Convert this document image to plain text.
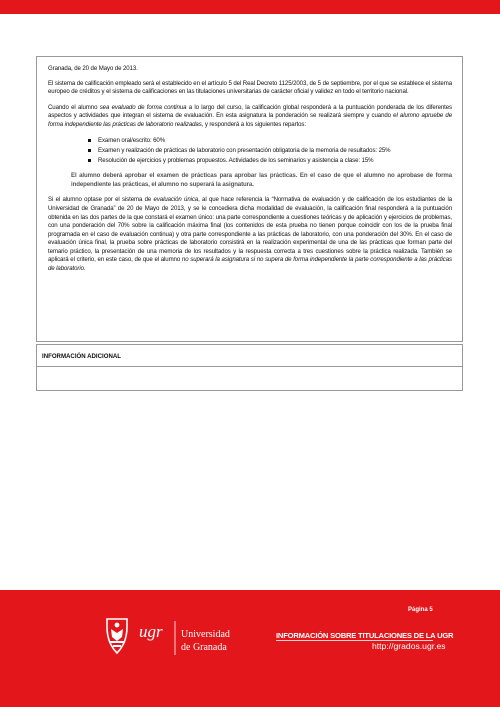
Granada, de 20 de Mayo de 2013.

El sistema de calificación empleado será el establecido en el artículo 5 del Real Decreto 1125/2003, de 5 de septiembre, por el que se establece el sistema europeo de créditos y el sistema de calificaciones en las titulaciones universitarias de carácter oficial y validez en todo el territorio nacional.

Cuando el alumno sea evaluado de forma continua a lo largo del curso, la calificación global responderá a la puntuación ponderada de los diferentes aspectos y actividades que integran el sistema de evaluación. En esta asignatura la ponderación se realizará siempre y cuando el alumno apruebe de forma independiente las prácticas de laboratorio realizadas, y responderá a los siguientes repartos:

Examen oral/escrito: 60%
Examen y realización de prácticas de laboratorio con presentación obligatoria de la memoria de resultados: 25%
Resolución de ejercicios y problemas propuestos. Actividades de los seminarios y asistencia a clase: 15%

El alumno deberá aprobar el examen de prácticas para aprobar las prácticas. En el caso de que el alumno no aprobase de forma independiente las prácticas, el alumno no superará la asignatura.

Si el alumno optase por el sistema de evaluación única, al que hace referencia la “Normativa de evaluación y de calificación de los estudiantes de la Universidad de Granada” de 20 de Mayo de 2013, y se le concediera dicha modalidad de evaluación, la calificación final responderá a la puntuación obtenida en las dos partes de la que constará el examen único: una parte correspondiente a cuestiones teóricas y de aplicación y ejercicios de problemas, con una ponderación del 70% sobre la calificación máxima final (los contenidos de esta prueba no tienen porque coincidir con los de la prueba final programada en el caso de evaluación continua) y otra parte correspondiente a las prácticas de laboratorio, con una ponderación del 30%. En el caso de evaluación única final, la prueba sobre prácticas de laboratorio consistirá en la realización experimental de una de las prácticas que forman parte del temario práctico, la presentación de una memoria de los resultados y la respuesta correcta a tres cuestiones sobre la práctica realizada. También se aplicará el criterio, en este caso, de que el alumno no superará la asignatura si no supera de forma independiente la parte correspondiente a las prácticas de laboratorio.

INFORMACIÓN ADICIONAL
Página 5
ugr Universidad
de Granada
INFORMACIÓN SOBRE TITULACIONES DE LA UGR
http://grados.ugr.es
